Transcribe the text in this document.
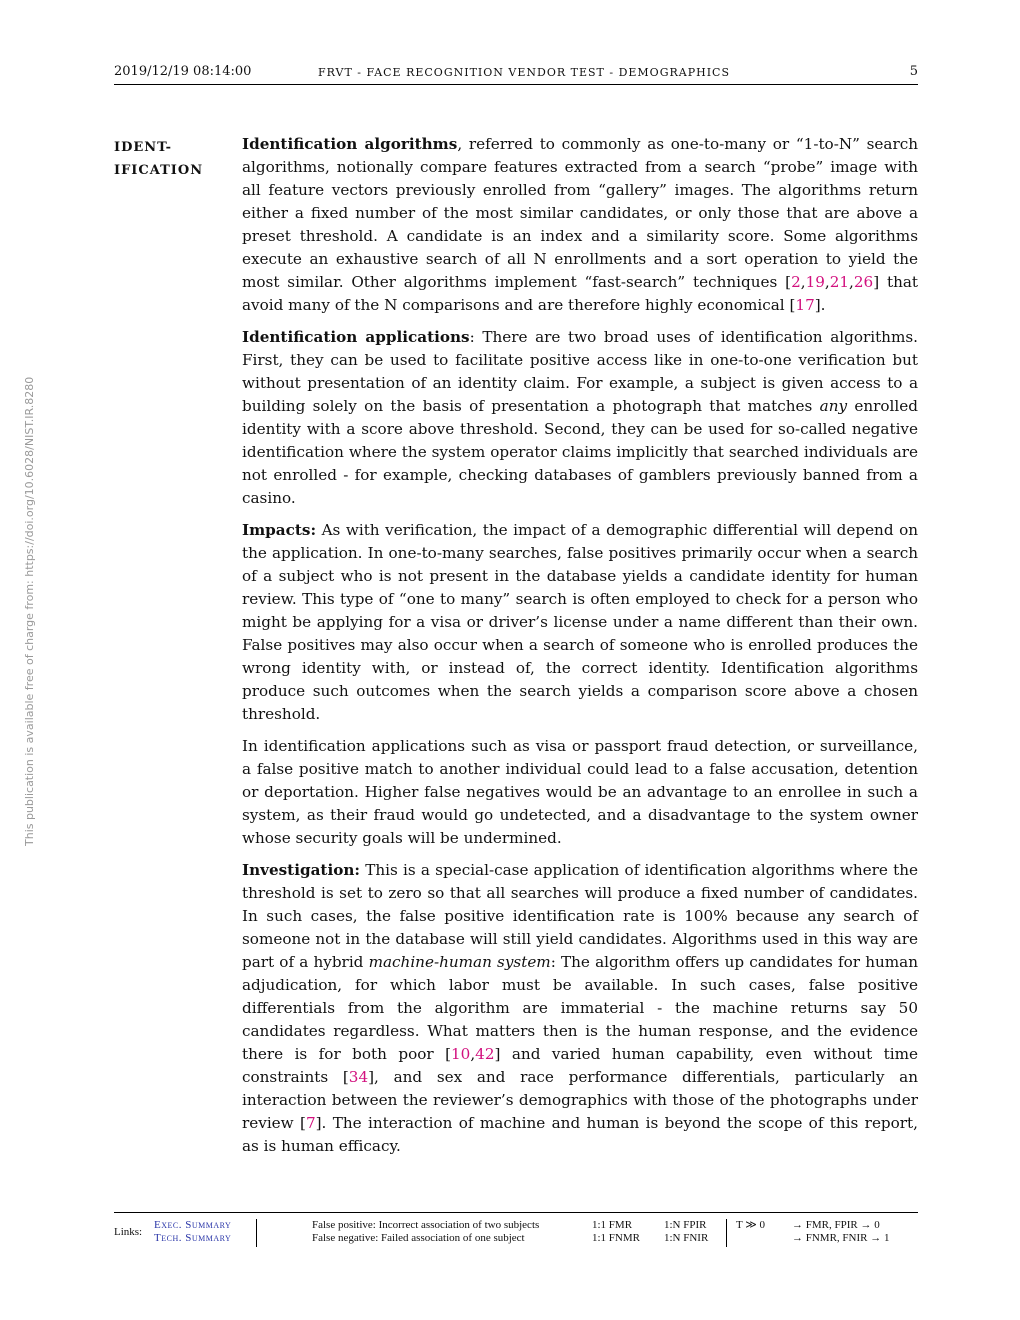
2019/12/19 08:14:00	FRVT - FACE RECOGNITION VENDOR TEST - DEMOGRAPHICS	5
This publication is available free of charge from: https://doi.org/10.6028/NIST.IR.8280
IDENT-
IFICATION

Identification algorithms, referred to commonly as one-to-many or “1-to-N” search algorithms, notionally compare features extracted from a search “probe” image with all feature vectors previously enrolled from “gallery” images. The algorithms return either a fixed number of the most similar candidates, or only those that are above a preset threshold. A candidate is an index and a similarity score. Some algorithms execute an exhaustive search of all N enrollments and a sort operation to yield the most similar. Other algorithms implement “fast-search” techniques [2,19,21,26] that avoid many of the N comparisons and are therefore highly economical [17].

Identification applications: There are two broad uses of identification algorithms. First, they can be used to facilitate positive access like in one-to-one verification but without presentation of an identity claim. For example, a subject is given access to a building solely on the basis of presentation a photograph that matches any enrolled identity with a score above threshold. Second, they can be used for so-called negative identification where the system operator claims implicitly that searched individuals are not enrolled - for example, checking databases of gamblers previously banned from a casino.

Impacts: As with verification, the impact of a demographic differential will depend on the application. In one-to-many searches, false positives primarily occur when a search of a subject who is not present in the database yields a candidate identity for human review. This type of “one to many” search is often employed to check for a person who might be applying for a visa or driver’s license under a name different than their own. False positives may also occur when a search of someone who is enrolled produces the wrong identity with, or instead of, the correct identity. Identification algorithms produce such outcomes when the search yields a comparison score above a chosen threshold.

In identification applications such as visa or passport fraud detection, or surveillance, a false positive match to another individual could lead to a false accusation, detention or deportation. Higher false negatives would be an advantage to an enrollee in such a system, as their fraud would go undetected, and a disadvantage to the system owner whose security goals will be undermined.

Investigation: This is a special-case application of identification algorithms where the threshold is set to zero so that all searches will produce a fixed number of candidates. In such cases, the false positive identification rate is 100% because any search of someone not in the database will still yield candidates. Algorithms used in this way are part of a hybrid machine-human system: The algorithm offers up candidates for human adjudication, for which labor must be available. In such cases, false positive differentials from the algorithm are immaterial - the machine returns say 50 candidates regardless. What matters then is the human response, and the evidence there is for both poor [10,42] and varied human capability, even without time constraints [34], and sex and race performance differentials, particularly an interaction between the reviewer’s demographics with those of the photographs under review [7]. The interaction of machine and human is beyond the scope of this report, as is human efficacy.

Links:
Exec. Summary
Tech. Summary
False positive: Incorrect association of two subjects
False negative: Failed association of one subject
1:1 FMR
1:1 FNMR
1:N FPIR
1:N FNIR
T ≫ 0 → FMR, FPIR → 0
→ FNMR, FNIR → 1
